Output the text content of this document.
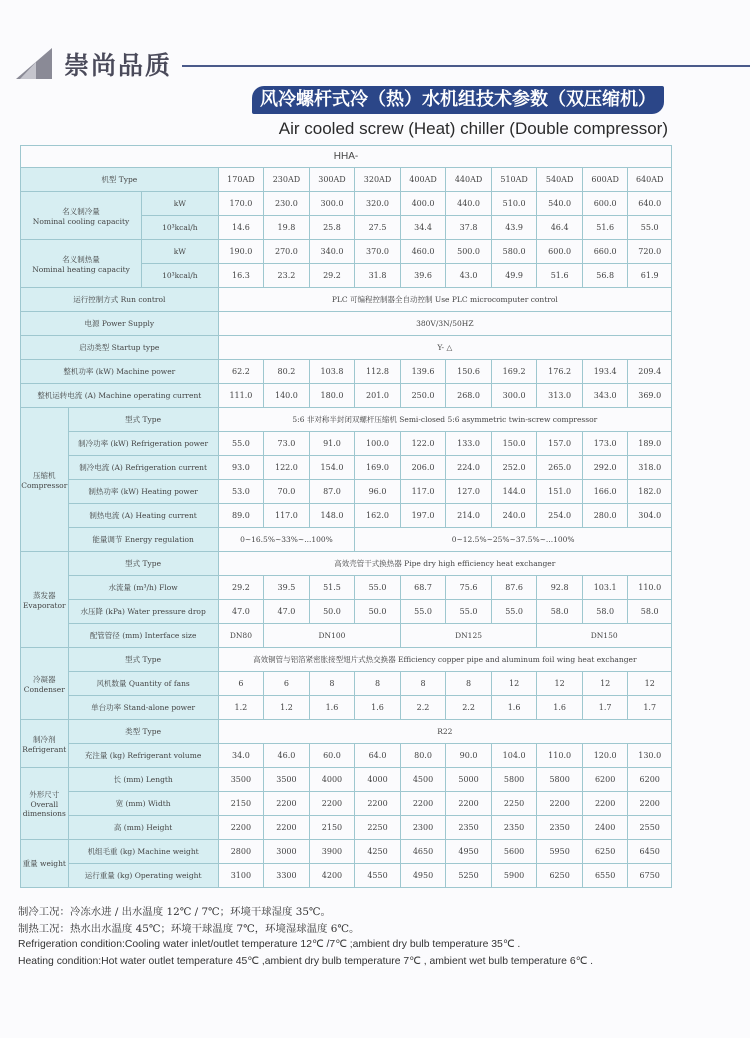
崇尚品质
风冷螺杆式冷（热）水机组技术参数（双压缩机）
Air cooled screw (Heat) chiller (Double compressor)
HHA-												
机型 Type			170AD	230AD	300AD	320AD	400AD	440AD	510AD	540AD	600AD	640AD

名义制冷量
Nominal cooling capacity		kW	170.0	230.0	300.0	320.0	400.0	440.0	510.0	540.0	600.0	640.0
		10³kcal/h	14.6	19.8	25.8	27.5	34.4	37.8	43.9	46.4	51.6	55.0

名义制热量
Nominal heating capacity		kW	190.0	270.0	340.0	370.0	460.0	500.0	580.0	600.0	660.0	720.0
		10³kcal/h	16.3	23.2	29.2	31.8	39.6	43.0	49.9	51.6	56.8	61.9
运行控制方式 Run control			PLC 可编程控制器全自动控制 Use PLC microcomputer control									
电源 Power Supply			380V/3N/50HZ									
启动类型 Startup type			Y- △									
整机功率 (kW) Machine power			62.2	80.2	103.8	112.8	139.6	150.6	169.2	176.2	193.4	209.4
整机运转电流 (A) Machine operating current			111.0	140.0	180.0	201.0	250.0	268.0	300.0	313.0	343.0	369.0

压缩机
Compressor	型式 Type		5:6 非对称半封闭双螺杆压缩机 Semi-closed 5:6 asymmetric twin-screw compressor									
	制冷功率 (kW) Refrigeration power		55.0	73.0	91.0	100.0	122.0	133.0	150.0	157.0	173.0	189.0
	制冷电流 (A) Refrigeration current		93.0	122.0	154.0	169.0	206.0	224.0	252.0	265.0	292.0	318.0
	制热功率 (kW) Heating power		53.0	70.0	87.0	96.0	117.0	127.0	144.0	151.0	166.0	182.0
	制热电流 (A) Heating current		89.0	117.0	148.0	162.0	197.0	214.0	240.0	254.0	280.0	304.0
	能量调节 Energy regulation		0~16.5%~33%~...100%			0~12.5%~25%~37.5%~...100%						

蒸发器
Evaporator	型式 Type		高效壳管干式换热器 Pipe dry high efficiency heat exchanger									
	水流量 (m³/h) Flow		29.2	39.5	51.5	55.0	68.7	75.6	87.6	92.8	103.1	110.0
	水压降 (kPa) Water pressure drop		47.0	47.0	50.0	50.0	55.0	55.0	55.0	58.0	58.0	58.0
	配管管径 (mm) Interface size		DN80	DN100			DN125			DN150		

冷凝器
Condenser	型式 Type		高效铜管与铝箔紧密胀接型翅片式热交换器 Efficiency copper pipe and aluminum foil wing heat exchanger									
	风机数量 Quantity of fans		6	6	8	8	8	8	12	12	12	12
	单台功率 Stand-alone power		1.2	1.2	1.6	1.6	2.2	2.2	1.6	1.6	1.7	1.7

制冷剂
Refrigerant	类型 Type		R22									
	充注量 (kg) Refrigerant volume		34.0	46.0	60.0	64.0	80.0	90.0	104.0	110.0	120.0	130.0

外形尺寸
Overall
dimensions	长 (mm) Length		3500	3500	4000	4000	4500	5000	5800	5800	6200	6200
	宽 (mm) Width		2150	2200	2200	2200	2200	2200	2250	2200	2200	2200
	高 (mm) Height		2200	2200	2150	2250	2300	2350	2350	2350	2400	2550
重量 weight	机组毛重 (kg) Machine weight		2800	3000	3900	4250	4650	4950	5600	5950	6250	6450
	运行重量 (kg) Operating weight		3100	3300	4200	4550	4950	5250	5900	6250	6550	6750
制冷工况：冷冻水进 / 出水温度 12℃ / 7℃；环境干球湿度 35℃。
制热工况：热水出水温度 45℃；环境干球温度 7℃，环境湿球温度 6℃。
Refrigeration condition:Cooling water inlet/outlet temperature 12℃ /7℃ ;ambient dry bulb temperature 35℃ .
Heating condition:Hot water outlet temperature 45℃ ,ambient dry bulb temperature 7℃ , ambient wet bulb temperature 6℃ .
